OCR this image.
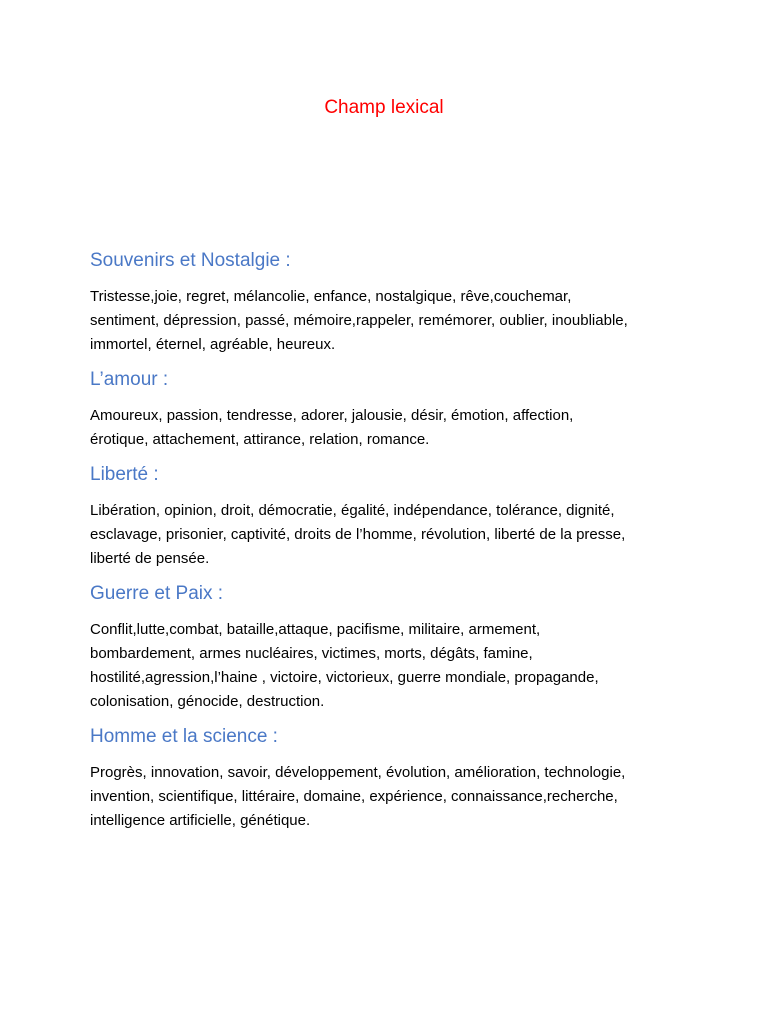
Champ lexical
Souvenirs et Nostalgie :

Tristesse,joie, regret, mélancolie, enfance, nostalgique, rêve,couchemar,
sentiment, dépression, passé, mémoire,rappeler, remémorer, oublier, inoubliable,
immortel, éternel, agréable, heureux.

L’amour :

Amoureux, passion, tendresse, adorer, jalousie, désir, émotion, affection,
érotique, attachement, attirance, relation, romance.

Liberté :

Libération, opinion, droit, démocratie, égalité, indépendance, tolérance, dignité,
esclavage, prisonier, captivité, droits de l’homme, révolution, liberté de la presse,
liberté de pensée.

Guerre et Paix :

Conflit,lutte,combat, bataille,attaque, pacifisme, militaire, armement,
bombardement, armes nucléaires, victimes, morts, dégâts, famine,
hostilité,agression,l’haine , victoire, victorieux, guerre mondiale, propagande,
colonisation, génocide, destruction.

Homme et la science :

Progrès, innovation, savoir, développement, évolution, amélioration, technologie,
invention, scientifique, littéraire, domaine, expérience, connaissance,recherche,
intelligence artificielle, génétique.
